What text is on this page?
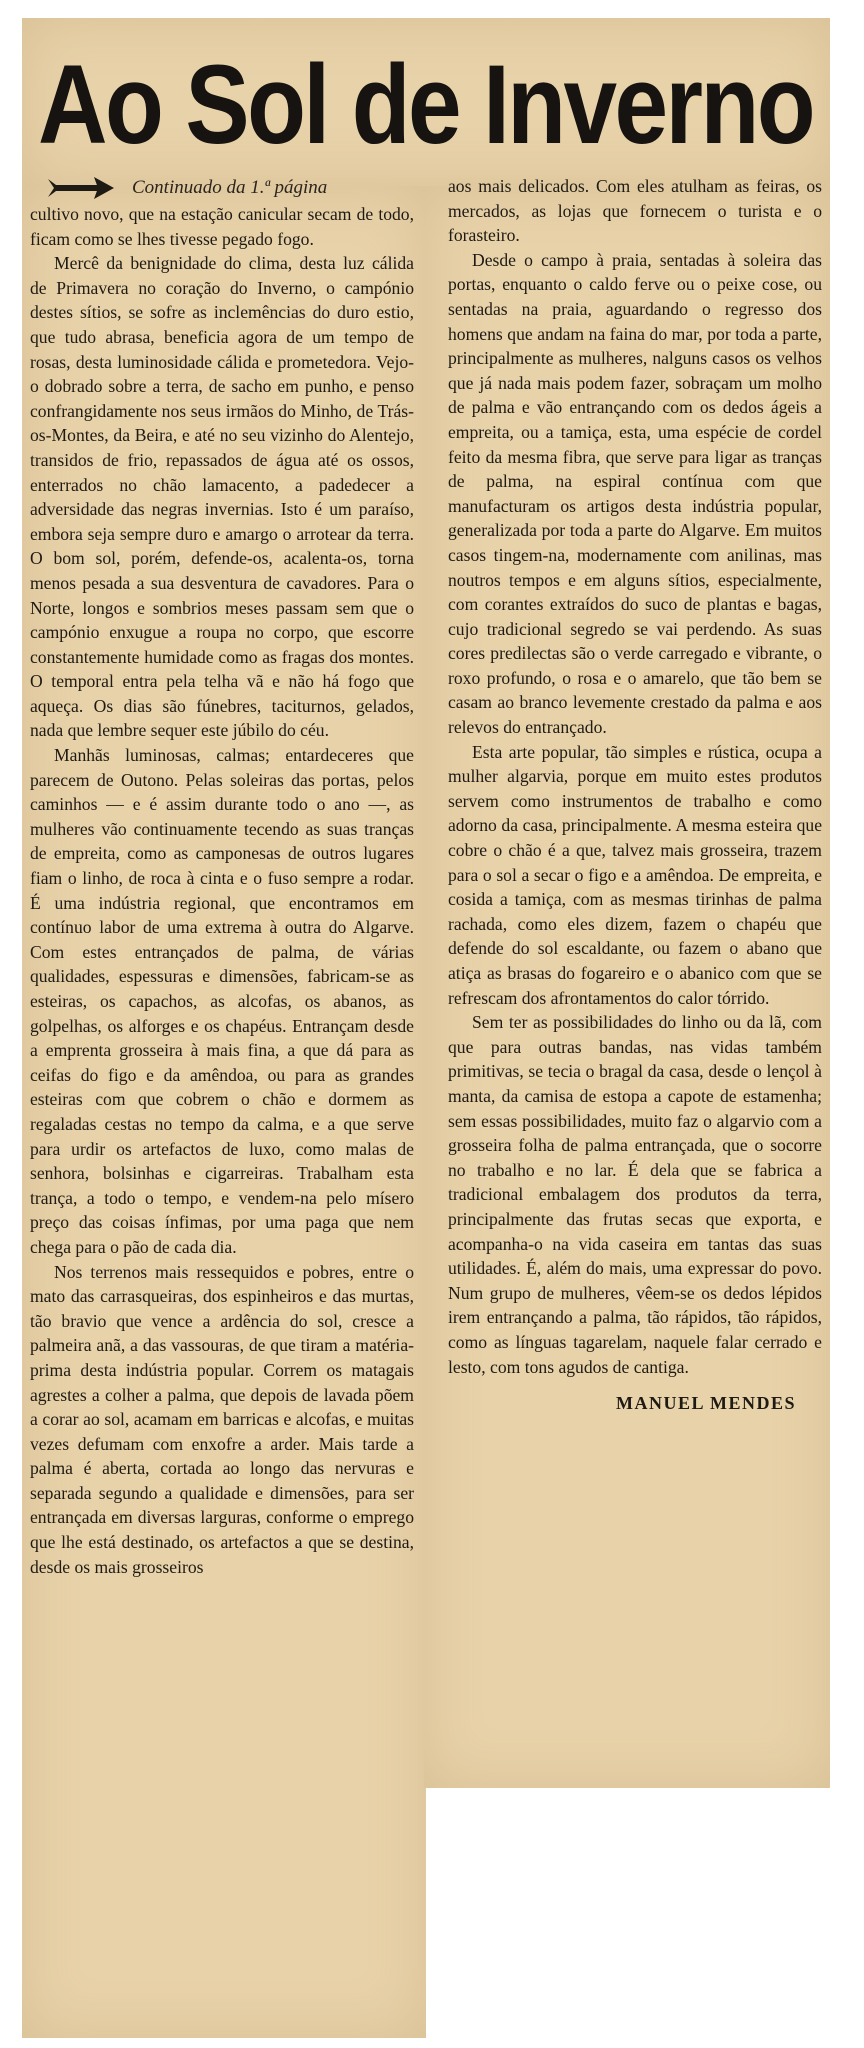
Ao Sol de Inverno
Continuado da 1.ª página

cultivo novo, que na estação canicular secam de todo, ficam como se lhes tivesse pegado fogo.

Mercê da benignidade do clima, desta luz cálida de Primavera no coração do Inverno, o campónio destes sítios, se sofre as inclemências do duro estio, que tudo abrasa, beneficia agora de um tempo de rosas, desta luminosidade cálida e prometedora. Vejo-o dobrado sobre a terra, de sacho em punho, e penso confrangidamente nos seus irmãos do Minho, de Trás-os-Montes, da Beira, e até no seu vizinho do Alentejo, transidos de frio, repassados de água até os ossos, enterrados no chão lamacento, a padedecer a adversidade das negras invernias. Isto é um paraíso, embora seja sempre duro e amargo o arrotear da terra. O bom sol, porém, defende-os, acalenta-os, torna menos pesada a sua desventura de cavadores. Para o Norte, longos e sombrios meses passam sem que o campónio enxugue a roupa no corpo, que escorre constantemente humidade como as fragas dos montes. O temporal entra pela telha vã e não há fogo que aqueça. Os dias são fúnebres, taciturnos, gelados, nada que lembre sequer este júbilo do céu.

Manhãs luminosas, calmas; entardeceres que parecem de Outono. Pelas soleiras das portas, pelos caminhos — e é assim durante todo o ano —, as mulheres vão continuamente tecendo as suas tranças de empreita, como as camponesas de outros lugares fiam o linho, de roca à cinta e o fuso sempre a rodar. É uma indústria regional, que encontramos em contínuo labor de uma extrema à outra do Algarve. Com estes entrançados de palma, de várias qualidades, espessuras e dimensões, fabricam-se as esteiras, os capachos, as alcofas, os abanos, as golpelhas, os alforges e os chapéus. Entrançam desde a emprenta grosseira à mais fina, a que dá para as ceifas do figo e da amêndoa, ou para as grandes esteiras com que cobrem o chão e dormem as regaladas cestas no tempo da calma, e a que serve para urdir os artefactos de luxo, como malas de senhora, bolsinhas e cigarreiras. Trabalham esta trança, a todo o tempo, e vendem-na pelo mísero preço das coisas ínfimas, por uma paga que nem chega para o pão de cada dia.

Nos terrenos mais ressequidos e pobres, entre o mato das carrasqueiras, dos espinheiros e das murtas, tão bravio que vence a ardência do sol, cresce a palmeira anã, a das vassouras, de que tiram a matéria-prima desta indústria popular. Correm os matagais agrestes a colher a palma, que depois de lavada põem a corar ao sol, acamam em barricas e alcofas, e muitas vezes defumam com enxofre a arder. Mais tarde a palma é aberta, cortada ao longo das nervuras e separada segundo a qualidade e dimensões, para ser entrançada em diversas larguras, conforme o emprego que lhe está destinado, os artefactos a que se destina, desde os mais grosseiros

aos mais delicados. Com eles atulham as feiras, os mercados, as lojas que fornecem o turista e o forasteiro.

Desde o campo à praia, sentadas à soleira das portas, enquanto o caldo ferve ou o peixe cose, ou sentadas na praia, aguardando o regresso dos homens que andam na faina do mar, por toda a parte, principalmente as mulheres, nalguns casos os velhos que já nada mais podem fazer, sobraçam um molho de palma e vão entrançando com os dedos ágeis a empreita, ou a tamiça, esta, uma espécie de cordel feito da mesma fibra, que serve para ligar as tranças de palma, na espiral contínua com que manufacturam os artigos desta indústria popular, generalizada por toda a parte do Algarve. Em muitos casos tingem-na, modernamente com anilinas, mas noutros tempos e em alguns sítios, especialmente, com corantes extraídos do suco de plantas e bagas, cujo tradicional segredo se vai perdendo. As suas cores predilectas são o verde carregado e vibrante, o roxo profundo, o rosa e o amarelo, que tão bem se casam ao branco levemente crestado da palma e aos relevos do entrançado.

Esta arte popular, tão simples e rústica, ocupa a mulher algarvia, porque em muito estes produtos servem como instrumentos de trabalho e como adorno da casa, principalmente. A mesma esteira que cobre o chão é a que, talvez mais grosseira, trazem para o sol a secar o figo e a amêndoa. De empreita, e cosida a tamiça, com as mesmas tirinhas de palma rachada, como eles dizem, fazem o chapéu que defende do sol escaldante, ou fazem o abano que atiça as brasas do fogareiro e o abanico com que se refrescam dos afrontamentos do calor tórrido.

Sem ter as possibilidades do linho ou da lã, com que para outras bandas, nas vidas também primitivas, se tecia o bragal da casa, desde o lençol à manta, da camisa de estopa a capote de estamenha; sem essas possibilidades, muito faz o algarvio com a grosseira folha de palma entrançada, que o socorre no trabalho e no lar. É dela que se fabrica a tradicional embalagem dos produtos da terra, principalmente das frutas secas que exporta, e acompanha-o na vida caseira em tantas das suas utilidades. É, além do mais, uma expressar do povo. Num grupo de mulheres, vêem-se os dedos lépidos irem entrançando a palma, tão rápidos, tão rápidos, como as línguas tagarelam, naquele falar cerrado e lesto, com tons agudos de cantiga.

MANUEL MENDES
